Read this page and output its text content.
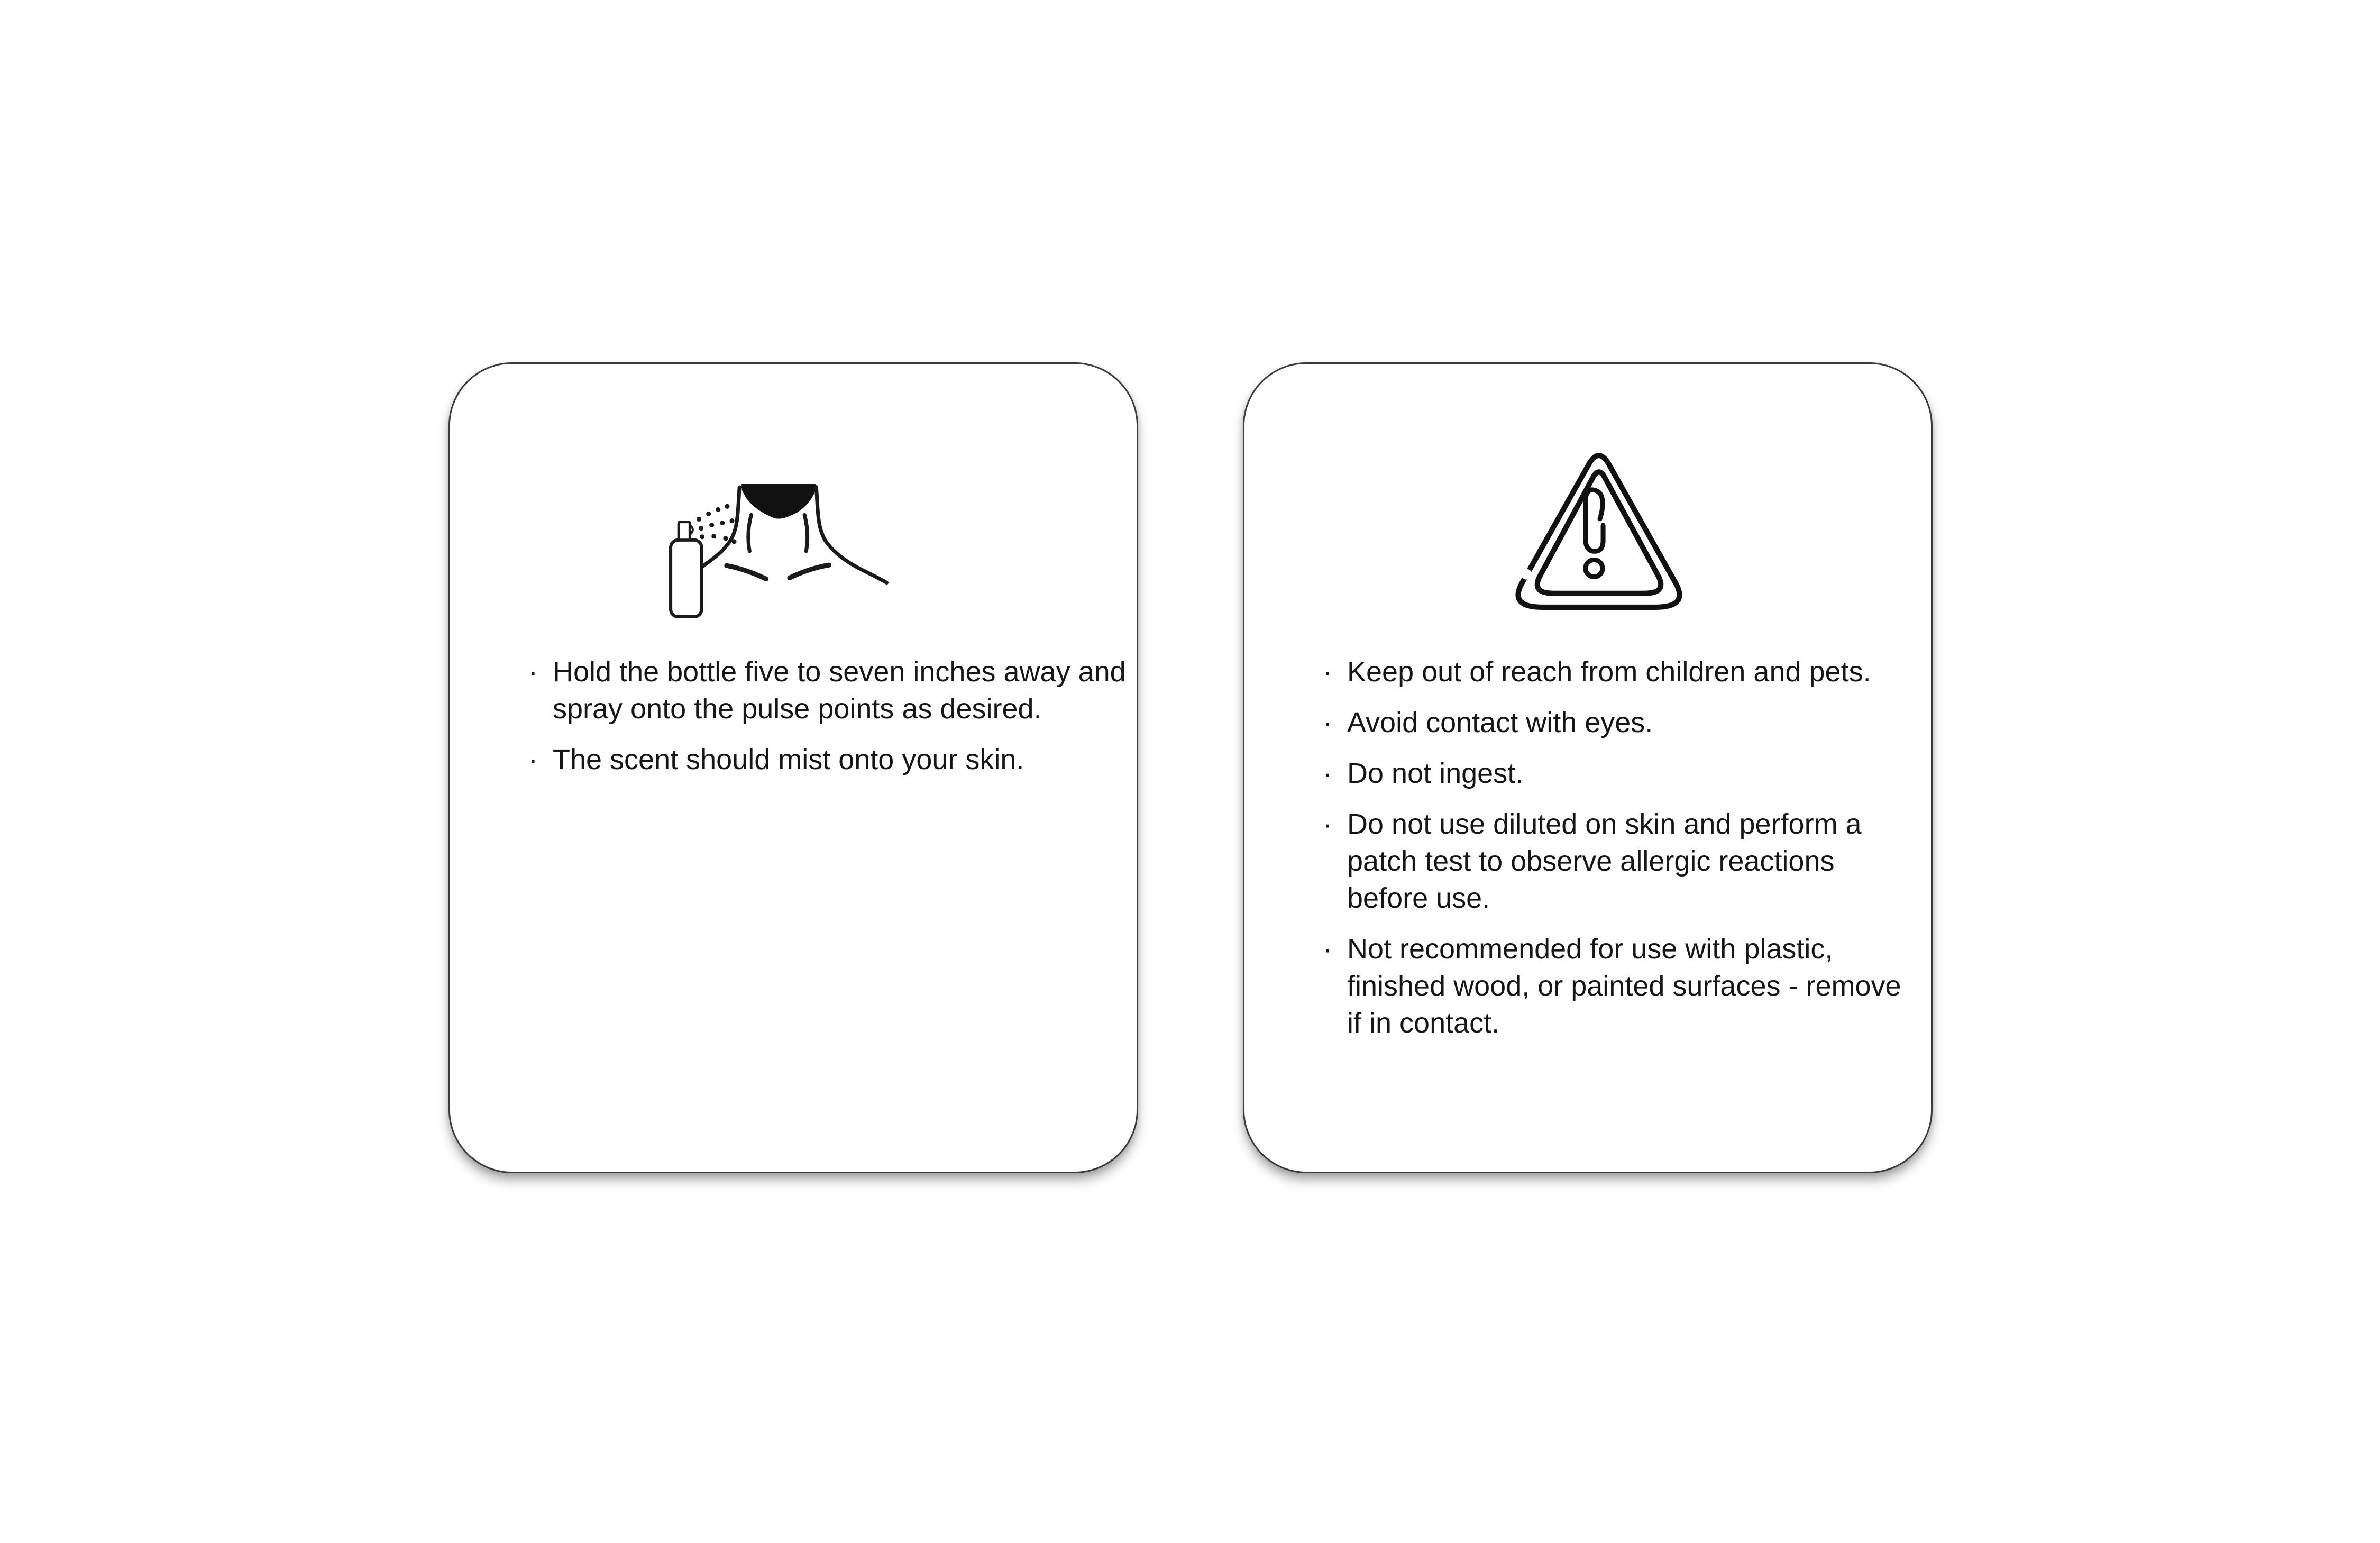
· Hold the bottle five to seven inches away and spray onto the pulse points as desired.
· The scent should mist onto your skin.
· Keep out of reach from children and pets.
· Avoid contact with eyes.
· Do not ingest.
· Do not use diluted on skin and perform a patch test to observe allergic reactions before use.
· Not recommended for use with plastic, finished wood, or painted surfaces - remove if in contact.
